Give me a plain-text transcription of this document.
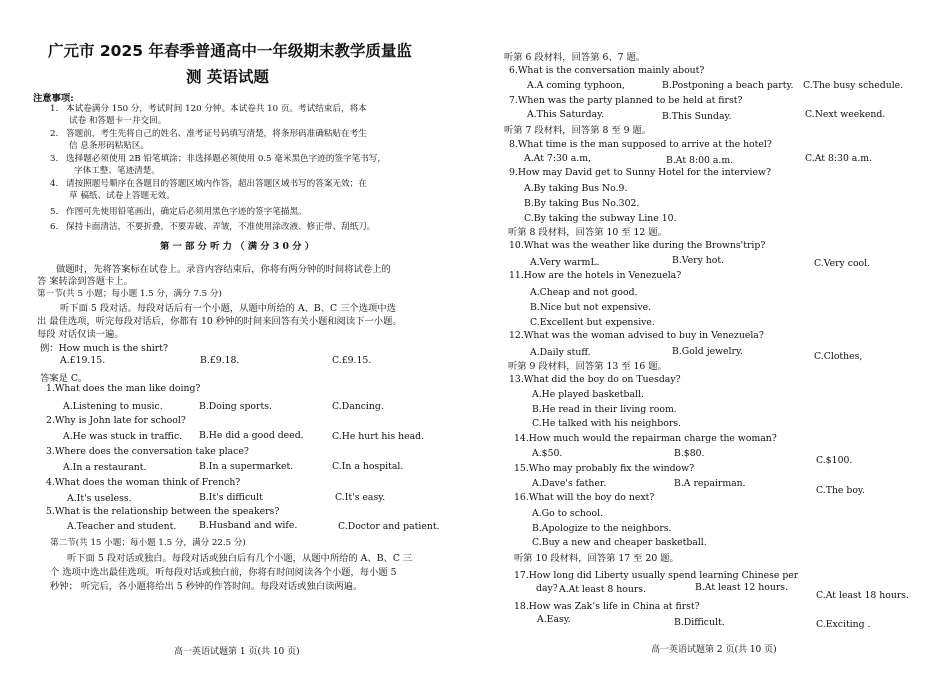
广元市 2025 年春季普通高中一年级期末教学质量监
测 英语试题
注意事项:
1. 本试卷满分 150 分，考试时间 120 分钟。本试卷共 10 页。考试结束后，将本
试卷 和答题卡一并交回。
2. 答题前，考生先将自己的姓名、准考证号码填写清楚，将条形码准确粘贴在考生
信 息条形码粘贴区。
3. 选择题必须使用 2B 铅笔填涂；非选择题必须使用 0.5 毫米黑色字迹的签字笔书写，
字体工整、笔迹清楚。
4. 请按照题号顺序在各题目的答题区域内作答，超出答题区域书写的答案无效；在
草 稿纸、试卷上答题无效。
5. 作图可先使用铅笔画出，确定后必须用黑色字迹的签字笔描黑。
6. 保持卡面清洁，不要折叠，不要弄破、弄皱，不准使用涂改液、修正带、刮纸刀。
第 一 部 分 听 力 （ 满 分 3 0 分 ）
做题时，先将答案标在试卷上。录音内容结束后，你将有两分钟的时间将试卷上的
答 案转涂到答题卡上。
第一节(共 5 小题；每小题 1.5 分，满分 7.5 分)
听下面 5 段对话。每段对话后有一个小题，从题中所给的 A、B、C 三个选项中选
出 最佳选项，听完每段对话后，你都有 10 秒钟的时间来回答有关小题和阅读下一小题。
每段 对话仅读一遍。
例：How much is the shirt?
A.£19.15.	B.£9.18.	C.£9.15.
答案是 C。
1.What does the man like doing?
A.Listening to music.	B.Doing sports.	C.Dancing.
2.Why is John late for school?
A.He was stuck in traffic. B.He did a good deed.	C.He hurt his head.
3.Where does the conversation take place?
A.In a restaurant.	B.In a supermarket.	C.In a hospital.
4.What does the woman think of French?
A.It's useless.	B.It's difficult	C.It's easy.
5.What is the relationship between the speakers?
A.Teacher and student. B.Husband and wife.	C.Doctor and patient.
第二节(共 15 小题；每小题 1.5 分，满分 22.5 分)
听下面 5 段对话或独白。每段对话或独白后有几个小题，从题中所给的 A、B、C 三
个 选项中选出最佳选项。听每段对话或独白前，你将有时间阅读各个小题，每小题 5
秒钟； 听完后，各小题将给出 5 秒钟的作答时间。每段对话或独白读两遍。
高一英语试题第 1 页(共 10 页)
听第 6 段材料，回答第 6、7 题。
6.What is the conversation mainly about?
A.A coming typhoon,	B.Postponing a beach party. C.The busy schedule.
7.When was the party planned to be held at first?
A.This Saturday.	B.This Sunday.	C.Next weekend.
听第 7 段材料，回答第 8 至 9 题。
8.What time is the man supposed to arrive at the hotel?
A.At 7:30 a.m,	B.At 8:00 a.m.	C.At 8:30 a.m.
9.How may David get to Sunny Hotel for the interview?
A.By taking Bus No.9.
B.By taking Bus No.302.
C.By taking the subway Line 10.
听第 8 段材料，回答第 10 至 12 题。
10.What was the weather like during the Browns'trip?
A.Very warmL.	B.Very hot.	C.Very cool.
11.How are the hotels in Venezuela?
A.Cheap and not good.
B.Nice but not expensive.
C.Excellent but expensive.
12.What was the woman advised to buy in Venezuela?
A.Daily stuff.	B.Gold jewelry.	C.Clothes,
听第 9 段材料，回答第 13 至 16 题。
13.What did the boy do on Tuesday?
A.He played basketball.
B.He read in their living room.
C.He talked with his neighbors.
14.How much would the repairman charge the woman?
A.$50.	B.$80.
C.$100.
15.Who may probably fix the window?
A.Dave's father.	B.A repairman.
C.The boy.
16.What will the boy do next?
A.Go to school.
B.Apologize to the neighbors.
C.Buy a new and cheaper basketball.
听第 10 段材料，回答第 17 至 20 题。
17.How long did Liberty usually spend learning Chinese per
day? A.At least 8 hours.	B.At least 12 hours.
C.At least 18 hours.
18.How was Zak’s life in China at first?
A.Easy.	B.Difficult.	C.Exciting .
高一英语试题第 2 页(共 10 页)
